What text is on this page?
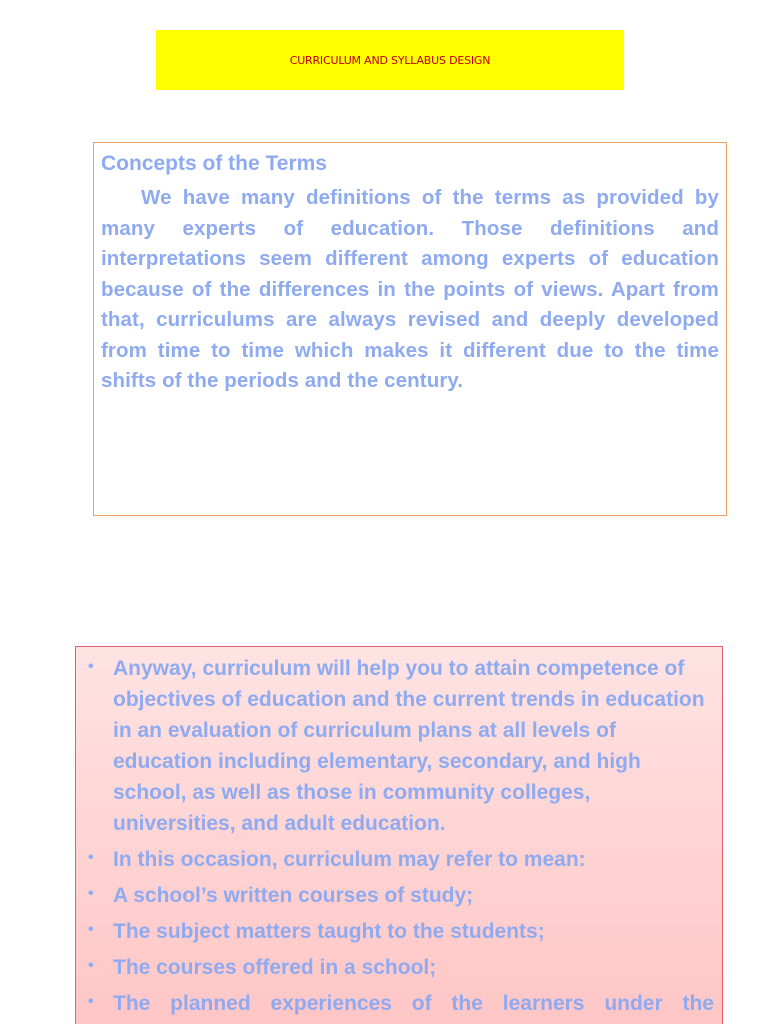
CURRICULUM AND SYLLABUS DESIGN

Concepts of the Terms

We have many definitions of the terms as provided by many experts of education. Those definitions and interpretations seem different among experts of education because of the differences in the points of views. Apart from that, curriculums are always revised and deeply developed from time to time which makes it different due to the time shifts of the periods and the century.

• Anyway, curriculum will help you to attain competence of objectives of education and the current trends in education in an evaluation of curriculum plans at all levels of education including elementary, secondary, and high school, as well as those in community colleges, universities, and adult education.
• In this occasion, curriculum may refer to mean:
• A school’s written courses of study;
• The subject matters taught to the students;
• The courses offered in a school;
• The planned experiences of the learners under the
